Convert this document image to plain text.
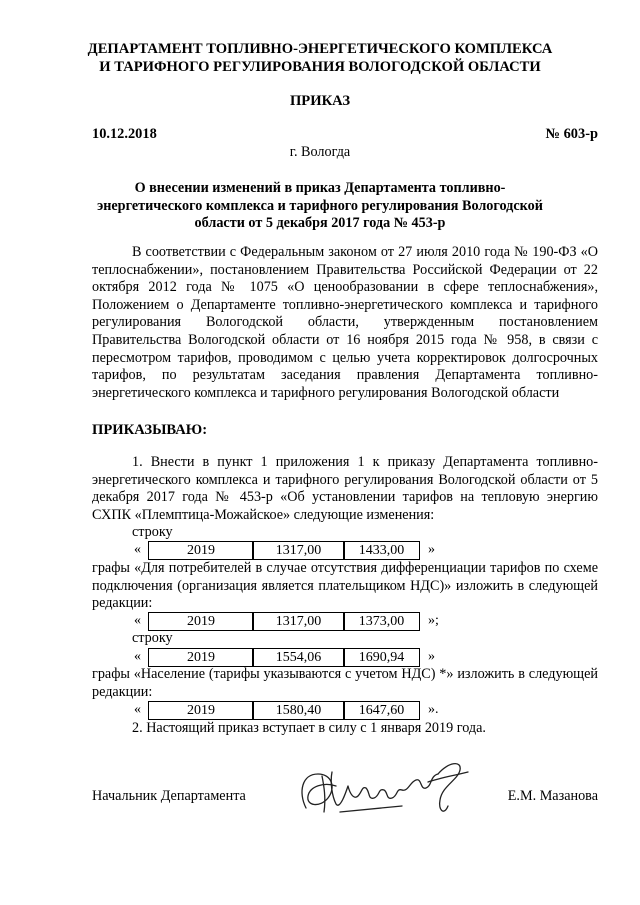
ДЕПАРТАМЕНТ ТОПЛИВНО-ЭНЕРГЕТИЧЕСКОГО КОМПЛЕКСА
И ТАРИФНОГО РЕГУЛИРОВАНИЯ ВОЛОГОДСКОЙ ОБЛАСТИ
ПРИКАЗ
10.12.2018	№ 603-р
г. Вологда
О внесении изменений в приказ Департамента топливно-
энергетического комплекса и тарифного регулирования Вологодской
области от 5 декабря 2017 года № 453-р
В соответствии с Федеральным законом от 27 июля 2010 года № 190-ФЗ «О теплоснабжении», постановлением Правительства Российской Федерации от 22 октября 2012 года № 1075 «О ценообразовании в сфере теплоснабжения», Положением о Департаменте топливно-энергетического комплекса и тарифного регулирования Вологодской области, утвержденным постановлением Правительства Вологодской области от 16 ноября 2015 года № 958, в связи с пересмотром тарифов, проводимом с целью учета корректировок долгосрочных тарифов, по результатам заседания правления Департамента топливно-энергетического комплекса и тарифного регулирования Вологодской области
ПРИКАЗЫВАЮ:
1. Внести в пункт 1 приложения 1 к приказу Департамента топливно-энергетического комплекса и тарифного регулирования Вологодской области от 5 декабря 2017 года № 453-р «Об установлении тарифов на тепловую энергию СХПК «Племптица-Можайское» следующие изменения:
строку
«	2019	1317,00	1433,00	»
графы «Для потребителей в случае отсутствия дифференциации тарифов по схеме подключения (организация является плательщиком НДС)» изложить в следующей редакции:
«	2019	1317,00	1373,00	»;
строку
«	2019	1554,06	1690,94	»
графы «Население (тарифы указываются с учетом НДС) *» изложить в следующей редакции:
«	2019	1580,40	1647,60	».
2. Настоящий приказ вступает в силу с 1 января 2019 года.
Начальник Департамента	Е.М. Мазанова
